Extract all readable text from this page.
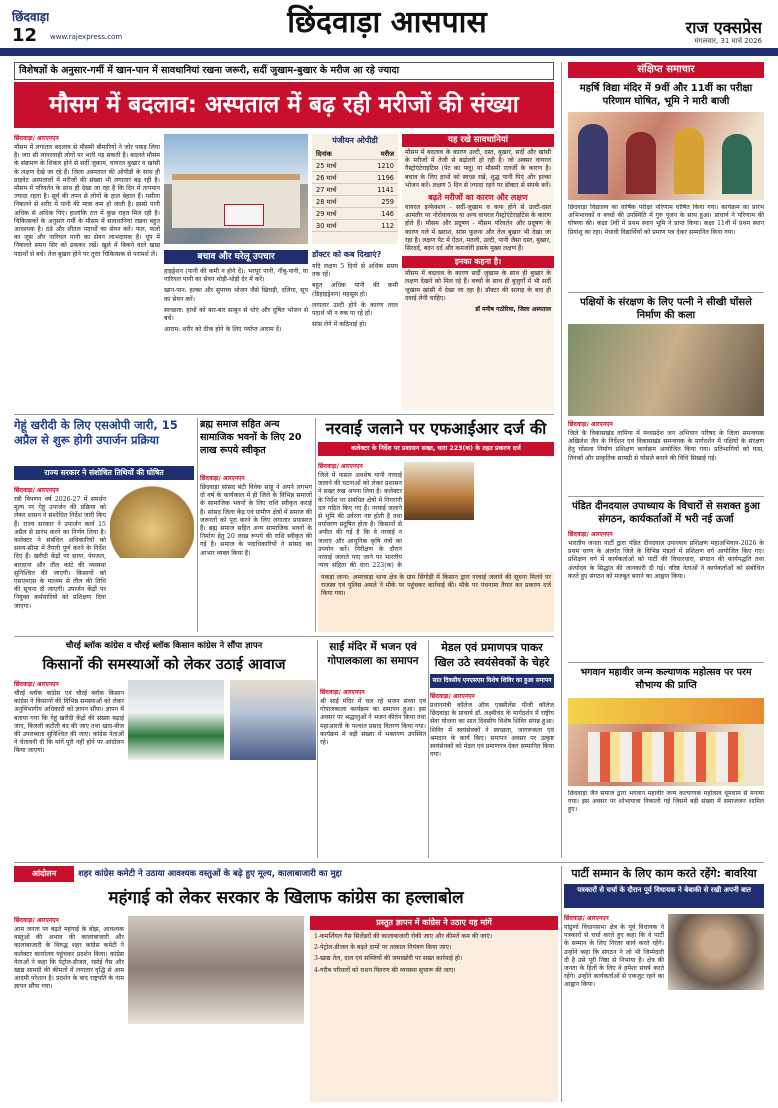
छिंदवाड़ा
12 www.rajexpress.com	छिंदवाड़ा आसपास	राज एक्सप्रेस
मंगलवार, 31 मार्च 2026
विशेषज्ञों के अनुसार-गर्मी में खान-पान में सावधानियां रखना जरूरी, सर्दी जुखाम-बुखार के मरीज आ रहे ज्यादा
मौसम में बदलाव: अस्पताल में बढ़ रही मरीजों की संख्या
छिंदवाड़ा/ आरएनएन
मौसम में लगातार बदलाव से मौसमी बीमारियों ने जोर पकड़ लिया है। जरा सी लापरवाही लोगों पर भारी पड़ सकती है। बदलते मौसम के संक्रमण के शिकार होने से सर्दी जुकाम, वायरल बुखार व खांसी के लक्षण देखे जा रहे हैं। जिला अस्पताल की ओपीडी के साथ ही प्राइवेट अस्पतालों में मरीजों की संख्या भी लगातार बढ़ रही है। मौसम में परिवर्तन के साथ ही देखा जा रहा है कि दिन में तापमान ज्यादा रहता है। सूर्य की तपन से लोगों के हाल बेहाल हैं। पसीना निकलने से शरीर में पानी की मात्रा कम हो जाती है। इससे पानी अधिक से अधिक पिएं। हालांकि रात में कुछ राहत मिल रही है। चिकित्सकों के अनुसार गर्मी के मौसम में सावधानियां रखना बहुत आवश्यक है। ठंडे और शीतल पदार्थों का सेवन करें। फल, फलों का जूस और नारियल पानी का सेवन लाभदायक है। धूप में निकलते समय सिर को ढककर रखें। खुले में बिकने वाले खाद्य पदार्थों से बचें। तेज बुखार होने पर तुरंत चिकित्सक से परामर्श लें।	बचाव और घरेलू उपचार
हाइड्रेशन (पानी की कमी न होने दें): भरपूर पानी, नींबू-पानी, या नारियल पानी का सेवन थोड़ी-थोड़ी देर में करें।
खान-पान: हल्का और सुपाच्य भोजन जैसे खिचड़ी, दलिया, सूप का सेवन करें।
स्वच्छता: हाथों को बार-बार साबुन से धोएं और दूषित भोजन से बचें।
आराम: शरीर को ठीक होने के लिए पर्याप्त आराम दें।
पंजीयन ओपीडी
दिनांक	मरीज
25 मार्च	1210
26 मार्च	1196
27 मार्च	1141
28 मार्च	259
29 मार्च	146
30 मार्च	112
डॉक्टर को कब दिखाएं?
यदि लक्षण 5 दिनों से अधिक समय तक रहें।
बहुत अधिक पानी की कमी (डिहाइड्रेशन) महसूस हो।
लगातार उल्टी होने के कारण तरल पदार्थ भी न रुक पा रहे हों।
सांस लेने में कठिनाई हो।
यह रखे सावधानियां
मौसम में बदलाव के कारण उल्टी, दस्त, बुखार, सर्दी और खांसी के मरीजों में तेजी से बढ़ोतरी हो रही है। जो अक्सर वायरल गैस्ट्रोएंटेराइटिस (पेट का फ्लू) या मौसमी एलर्जी के कारण है। बचाव के लिए हाथों को स्वच्छ रखें, शुद्ध पानी पिएं और हल्का भोजन करें। लक्षण 5 दिन से ज्यादा रहने पर डॉक्टर से संपर्क करें।
बढ़ते मरीजों का कारण और लक्षण
वायरल इन्फेक्शन - सर्दी-जुखाम व कफ होने से उल्टी-दस्त आमतौर पर नोरोवायरस या अन्य वायरल गैस्ट्रोएंटेराइटिस के कारण होते हैं। मौसम और प्रदूषण - मौसम परिवर्तन और प्रदूषण के कारण गले में खराश, सांस फूलना और तेज बुखार भी देखा जा रहा है। लक्षण पेट में ऐंठन, मतली, उल्टी, पानी जैसा दस्त, बुखार, सिरदर्द, बदन दर्द और कमजोरी इसके मुख्य लक्षण हैं।
इनका कहना है।
मौसम में बदलाव के कारण सर्दी जुखाम के साथ ही बुखार के लक्षण देखने को मिल रहे हैं। बच्चों के साथ ही बुजुर्गों में भी सर्दी जुखाम खांसी में देखा जा रहा है। डॉक्टर की सलाह के बाद ही दवाई लेनी चाहिए।
डॉ मनीष गठोरिया, जिला अस्पताल
संक्षिप्त समाचार
महर्षि विद्या मंदिर में 9वीं और 11वीं का परीक्षा परिणाम घोषित, भूमि ने मारी बाजी
छिंदवाड़ा विद्यालय का वार्षिक परीक्षा परिणाम घोषित किया गया। कार्यक्रम का प्रारंभ अभिभावकों व बच्चों की उपस्थिति में गुरु पूजन के साथ हुआ। प्राचार्य ने परिणाम की घोषणा की। कक्षा 9वीं में प्रथम स्थान भूमि ने प्राप्त किया। कक्षा 11वीं में प्रथम स्थान प्रियांशु का रहा। मेधावी विद्यार्थियों को प्रमाण पत्र देकर सम्मानित किया गया।
पक्षियों के संरक्षण के लिए पत्नी ने सीखी घोंसले निर्माण की कला
छिंदवाड़ा/ आरएनएन
जिले के विकासखंड तामिया में मध्यप्रदेश जन अभियान परिषद के जिला समन्वयक अखिलेश जैन के निर्देशन एवं विकासखंड समन्वयक के मार्गदर्शन में पक्षियों के संरक्षण हेतु घोंसला निर्माण प्रशिक्षण कार्यक्रम आयोजित किया गया। प्रतिभागियों को घास, तिनकों और प्राकृतिक सामग्री से घोंसले बनाने की विधि सिखाई गई।
पंडित दीनदयाल उपाध्याय के विचारों से सशक्त हुआ संगठन, कार्यकर्ताओं में भरी नई ऊर्जा
छिंदवाड़ा/ आरएनएन
भारतीय जनता पार्टी द्वारा पंडित दीनदयाल उपाध्याय प्रशिक्षण महाअभियान-2026 के प्रथम चरण के अंतर्गत जिले के विभिन्न मंडलों में प्रशिक्षण वर्ग आयोजित किए गए। प्रशिक्षण वर्ग में कार्यकर्ताओं को पार्टी की विचारधारा, संगठन की कार्यपद्धति तथा अंत्योदय के सिद्धांत की जानकारी दी गई। वरिष्ठ नेताओं ने कार्यकर्ताओं को संबोधित करते हुए संगठन को मजबूत बनाने का आह्वान किया।
भगवान महावीर जन्म कल्याणक महोत्सव पर परम सौभाग्य की प्राप्ति
छिंदवाड़ा जैन समाज द्वारा भगवान महावीर जन्म कल्याणक महोत्सव धूमधाम से मनाया गया। इस अवसर पर शोभायात्रा निकाली गई जिसमें बड़ी संख्या में समाजजन शामिल हुए।
गेहूं खरीदी के लिए एसओपी जारी, 15 अप्रैल से शुरू होगी उपार्जन प्रक्रिया
राज्य सरकार ने संशोधित तिथियों की घोषित
छिंदवाड़ा/ आरएनएन
रबी विपणन वर्ष 2026-27 में समर्थन मूल्य पर गेहूं उपार्जन की प्रक्रिया को लेकर शासन ने संशोधित निर्देश जारी किए हैं। राज्य सरकार ने उपार्जन कार्य 15 अप्रैल से प्रारंभ करने का निर्णय लिया है। कलेक्टर ने संबंधित अधिकारियों को समय-सीमा में तैयारी पूर्ण करने के निर्देश दिए हैं। खरीदी केंद्रों पर छाया, पेयजल, बारदाना और तौल कांटे की व्यवस्था सुनिश्चित की जाएगी। किसानों को एसएमएस के माध्यम से तौल की तिथि की सूचना दी जाएगी। उपार्जन केंद्रों पर नियुक्त कर्मचारियों को प्रशिक्षण दिया जाएगा।
ब्रह्म समाज सहित अन्य सामाजिक भवनों के लिए 20 लाख रूपये स्वीकृत
छिंदवाड़ा/ आरएनएन
छिंदवाड़ा सांसद बंटी विवेक साहू ने अपने लगभग दो वर्ष के कार्यकाल में ही जिले के विभिन्न समाजों के सामाजिक भवनों के लिए राशि स्वीकृत कराई है। सांसद जिला केंद्र एवं ग्रामीण क्षेत्रों में समाज की जरूरतों को पूरा करने के लिए लगातार प्रयासरत हैं। ब्रह्म समाज सहित अन्य सामाजिक भवनों के निर्माण हेतु 20 लाख रूपये की राशि स्वीकृत की गई है। समाज के पदाधिकारियों ने सांसद का आभार व्यक्त किया है।
नरवाई जलाने पर एफआईआर दर्ज की
कलेक्टर के निर्देश पर प्रशासन सख्त, धारा 223(क) के तहत प्रकरण दर्ज
छिंदवाड़ा/ आरएनएन
जिले में फसल अवशेष यानी नरवाई जलाने की घटनाओं को लेकर प्रशासन ने सख्त रुख अपना लिया है। कलेक्टर के निर्देश पर संबंधित क्षेत्रों में निगरानी दल गठित किए गए हैं। नरवाई जलाने से भूमि की उर्वरता नष्ट होती है तथा पर्यावरण प्रदूषित होता है। किसानों से अपील की गई है कि वे नरवाई न जलाएं और आधुनिक कृषि यंत्रों का उपयोग करें। निरीक्षण के दौरान नरवाई जलाते पाए जाने पर भारतीय न्याय संहिता की धारा 223(क) के
पकड़ा जाना: अमरवाड़ा थाना क्षेत्र के ग्राम सिंगोड़ी में किसान द्वारा नरवाई जलाने की सूचना मिलने पर राजस्व एवं पुलिस अमले ने मौके पर पहुंचकर कार्रवाई की। मौके पर पंचनामा तैयार कर प्रकरण दर्ज किया गया।
चौरई ब्लॉक कांग्रेस व चौरई ब्लॉक किसान कांग्रेस ने सौंपा ज्ञापन
किसानों की समस्याओं को लेकर उठाई आवाज
छिंदवाड़ा/ आरएनएन
चौरई ब्लॉक कांग्रेस एवं चौरई ब्लॉक किसान कांग्रेस ने किसानों की विभिन्न समस्याओं को लेकर अनुविभागीय अधिकारी को ज्ञापन सौंपा। ज्ञापन में बताया गया कि गेहूं खरीदी केंद्रों की संख्या बढ़ाई जाए, बिजली कटौती बंद की जाए तथा खाद-बीज की उपलब्धता सुनिश्चित की जाए। कांग्रेस नेताओं ने चेतावनी दी कि मांगें पूरी नहीं होने पर आंदोलन किया जाएगा।
साईं मंदिर में भजन एवं गोपालकाला का समापन
छिंदवाड़ा/ आरएनएन
श्री साईं मंदिर में चल रहे भजन संध्या एवं गोपालकाला कार्यक्रम का समापन हुआ। इस अवसर पर श्रद्धालुओं ने भजन कीर्तन किया तथा महाआरती के पश्चात प्रसाद वितरण किया गया। कार्यक्रम में बड़ी संख्या में भक्तगण उपस्थित रहे।
मेडल एवं प्रमाणपत्र पाकर खिल उठे स्वयंसेवकों के चेहरे
सात दिवसीय एनएसएस विशेष शिविर का हुआ समापन
छिंदवाड़ा/ आरएनएन
प्रधानमंत्री कॉलेज ऑफ एक्सीलेंस पीजी कॉलेज छिंदवाड़ा के प्राचार्य डॉ. लक्ष्मीचंद के मार्गदर्शन में राष्ट्रीय सेवा योजना का सात दिवसीय विशेष शिविर संपन्न हुआ। शिविर में स्वयंसेवकों ने स्वच्छता, जागरूकता एवं श्रमदान के कार्य किए। समापन अवसर पर उत्कृष्ट स्वयंसेवकों को मेडल एवं प्रमाणपत्र देकर सम्मानित किया गया।
आंदोलन	शहर कांग्रेस कमेटी ने उठाया आवश्यक वस्तुओं के बढ़े हुए मूल्य, कालाबाजारी का मुद्दा
महंगाई को लेकर सरकार के खिलाफ कांग्रेस का हल्लाबोल
छिंदवाड़ा/ आरएनएन
आम जनता पर बढ़ते महंगाई के बोझ, आवश्यक वस्तुओं की अभाव की कालाबाजारी और कालाबाजारी के विरुद्ध शहर कांग्रेस कमेटी ने कलेक्टर कार्यालय पहुंचकर प्रदर्शन किया। कांग्रेस नेताओं ने कहा कि पेट्रोल-डीजल, रसोई गैस और खाद्य सामग्री की कीमतों में लगातार वृद्धि से आम आदमी परेशान है। प्रदर्शन के बाद राष्ट्रपति के नाम ज्ञापन सौंपा गया।
प्रस्तुत ज्ञापन में कांग्रेस ने उठाए यह मांगें
1-कमर्शियल गैस सिलेंडरों की कालाबाजारी रोकी जाए और कीमतें कम की जाएं।
2-पेट्रोल-डीजल के बढ़ते दामों पर तत्काल नियंत्रण किया जाए।
3-खाद्य तेल, दाल एवं सब्जियों की जमाखोरी पर सख्त कार्रवाई हो।
4-गरीब परिवारों को राशन वितरण की व्यवस्था सुचारू की जाए।
पार्टी सम्मान के लिए काम करते रहेंगे: बावरिया
पत्रकारों से चर्चा के दौरान पूर्व विधायक ने बेबाकी से रखी अपनी बात
छिंदवाड़ा/ आरएनएन
पांढुर्णा विधानसभा क्षेत्र के पूर्व विधायक ने पत्रकारों से चर्चा करते हुए कहा कि वे पार्टी के सम्मान के लिए निरंतर कार्य करते रहेंगे। उन्होंने कहा कि संगठन ने जो भी जिम्मेदारी दी है उसे पूरी निष्ठा से निभाया है। क्षेत्र की जनता के हितों के लिए वे हमेशा संघर्ष करते रहेंगे। उन्होंने कार्यकर्ताओं से एकजुट रहने का आह्वान किया।
